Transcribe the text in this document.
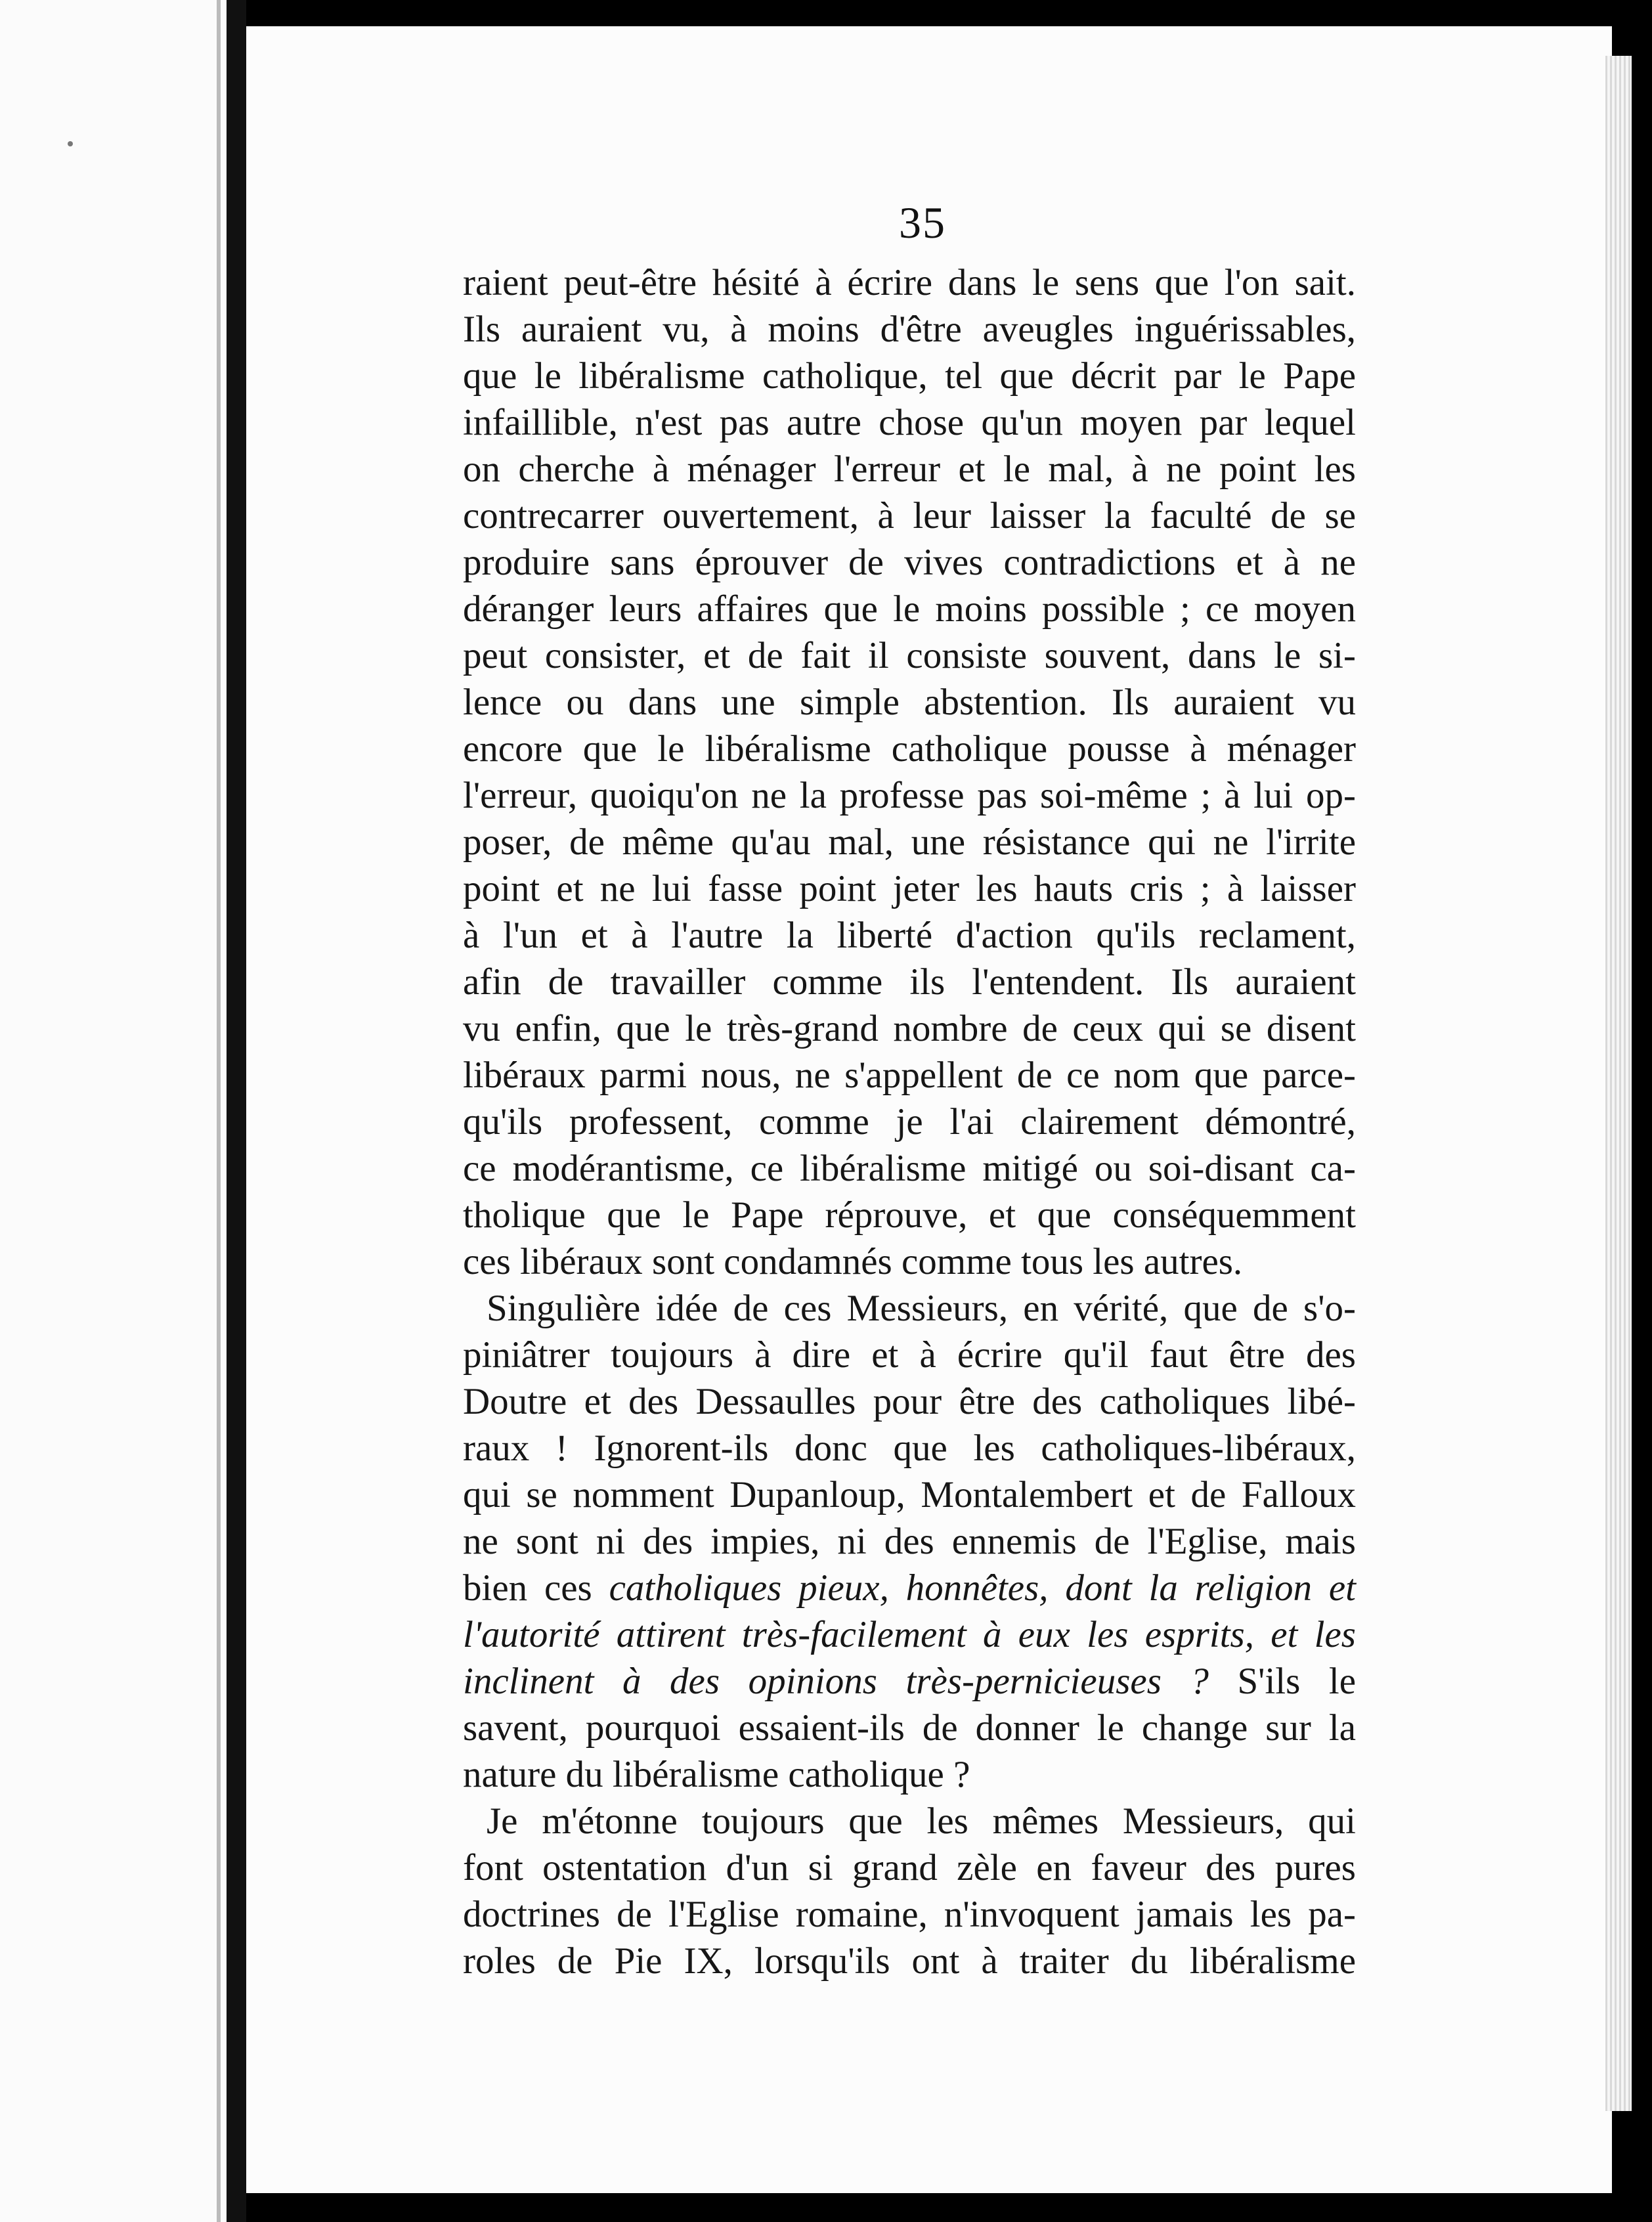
35
raient peut-être hésité à écrire dans le sens que l'on sait.
Ils auraient vu, à moins d'être aveugles inguérissables,
que le libéralisme catholique, tel que décrit par le Pape
infaillible, n'est pas autre chose qu'un moyen par lequel
on cherche à ménager l'erreur et le mal, à ne point les
contrecarrer ouvertement, à leur laisser la faculté de se
produire sans éprouver de vives contradictions et à ne
déranger leurs affaires que le moins possible ; ce moyen
peut consister, et de fait il consiste souvent, dans le si-
lence ou dans une simple abstention. Ils auraient vu
encore que le libéralisme catholique pousse à ménager
l'erreur, quoiqu'on ne la professe pas soi-même ; à lui op-
poser, de même qu'au mal, une résistance qui ne l'irrite
point et ne lui fasse point jeter les hauts cris ; à laisser
à l'un et à l'autre la liberté d'action qu'ils reclament,
afin de travailler comme ils l'entendent. Ils auraient
vu enfin, que le très-grand nombre de ceux qui se disent
libéraux parmi nous, ne s'appellent de ce nom que parce-
qu'ils professent, comme je l'ai clairement démontré,
ce modérantisme, ce libéralisme mitigé ou soi-disant ca-
tholique que le Pape réprouve, et que conséquemment
ces libéraux sont condamnés comme tous les autres.
Singulière idée de ces Messieurs, en vérité, que de s'o-
piniâtrer toujours à dire et à écrire qu'il faut être des
Doutre et des Dessaulles pour être des catholiques libé-
raux ! Ignorent-ils donc que les catholiques-libéraux,
qui se nomment Dupanloup, Montalembert et de Falloux
ne sont ni des impies, ni des ennemis de l'Eglise, mais
bien ces catholiques pieux, honnêtes, dont la religion et
l'autorité attirent très-facilement à eux les esprits, et les
inclinent à des opinions très-pernicieuses ? S'ils le
savent, pourquoi essaient-ils de donner le change sur la
nature du libéralisme catholique ?
Je m'étonne toujours que les mêmes Messieurs, qui
font ostentation d'un si grand zèle en faveur des pures
doctrines de l'Eglise romaine, n'invoquent jamais les pa-
roles de Pie IX, lorsqu'ils ont à traiter du libéralisme
